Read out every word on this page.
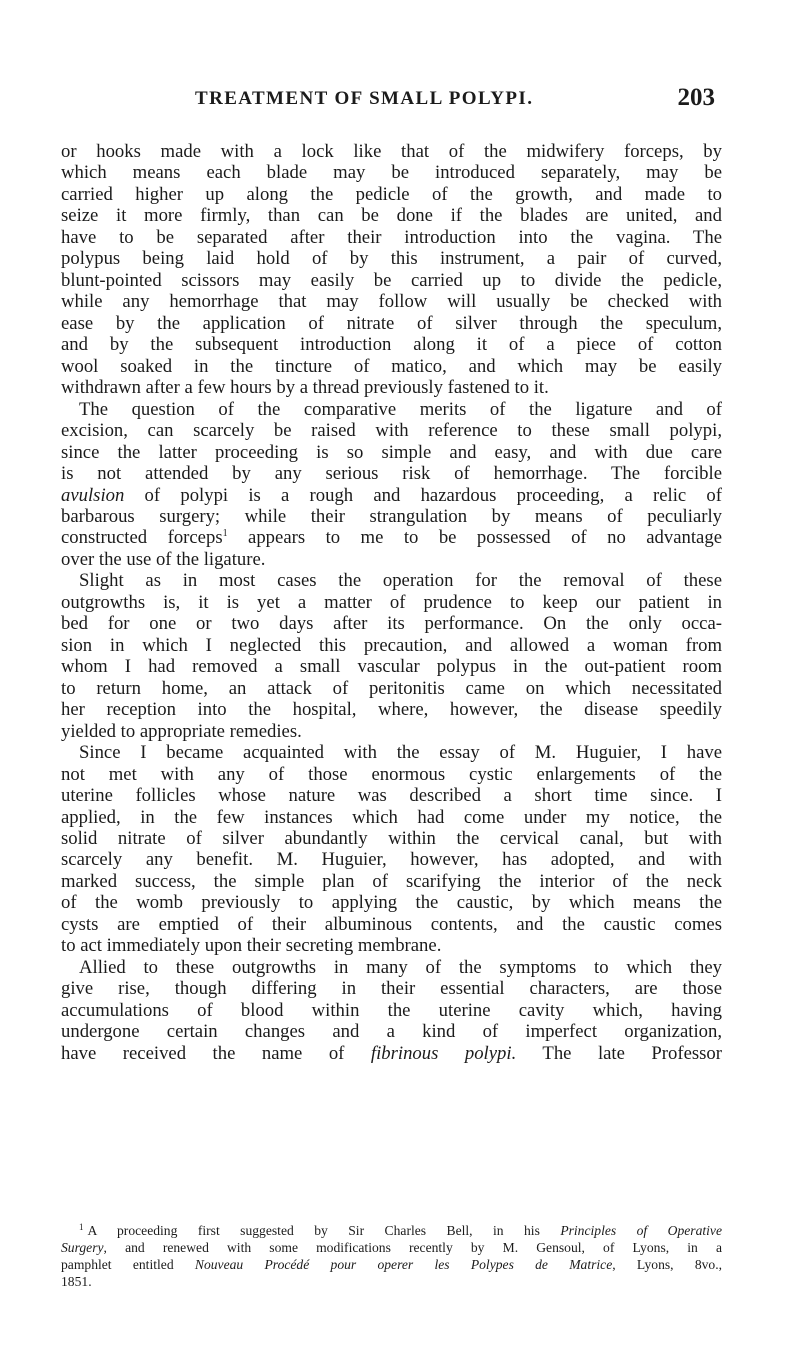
TREATMENT OF SMALL POLYPI.	203
or hooks made with a lock like that of the midwifery forceps, by
which means each blade may be introduced separately, may be
carried higher up along the pedicle of the growth, and made to
seize it more firmly, than can be done if the blades are united, and
have to be separated after their introduction into the vagina. The
polypus being laid hold of by this instrument, a pair of curved,
blunt-pointed scissors may easily be carried up to divide the pedicle,
while any hemorrhage that may follow will usually be checked with
ease by the application of nitrate of silver through the speculum,
and by the subsequent introduction along it of a piece of cotton
wool soaked in the tincture of matico, and which may be easily
withdrawn after a few hours by a thread previously fastened to it.
The question of the comparative merits of the ligature and of
excision, can scarcely be raised with reference to these small polypi,
since the latter proceeding is so simple and easy, and with due care
is not attended by any serious risk of hemorrhage. The forcible
avulsion of polypi is a rough and hazardous proceeding, a relic of
barbarous surgery; while their strangulation by means of peculiarly
constructed forceps$^1$ appears to me to be possessed of no advantage
over the use of the ligature.
Slight as in most cases the operation for the removal of these
outgrowths is, it is yet a matter of prudence to keep our patient in
bed for one or two days after its performance. On the only occa-
sion in which I neglected this precaution, and allowed a woman from
whom I had removed a small vascular polypus in the out-patient room
to return home, an attack of peritonitis came on which necessitated
her reception into the hospital, where, however, the disease speedily
yielded to appropriate remedies.
Since I became acquainted with the essay of M. Huguier, I have
not met with any of those enormous cystic enlargements of the
uterine follicles whose nature was described a short time since. I
applied, in the few instances which had come under my notice, the
solid nitrate of silver abundantly within the cervical canal, but with
scarcely any benefit. M. Huguier, however, has adopted, and with
marked success, the simple plan of scarifying the interior of the neck
of the womb previously to applying the caustic, by which means the
cysts are emptied of their albuminous contents, and the caustic comes
to act immediately upon their secreting membrane.
Allied to these outgrowths in many of the symptoms to which they
give rise, though differing in their essential characters, are those
accumulations of blood within the uterine cavity which, having
undergone certain changes and a kind of imperfect organization,
have received the name of fibrinous polypi. The late Professor
$^1$ A proceeding first suggested by Sir Charles Bell, in his Principles of Operative
Surgery, and renewed with some modifications recently by M. Gensoul, of Lyons, in a
pamphlet entitled Nouveau Procédé pour operer les Polypes de Matrice, Lyons, 8vo.,
1851.
